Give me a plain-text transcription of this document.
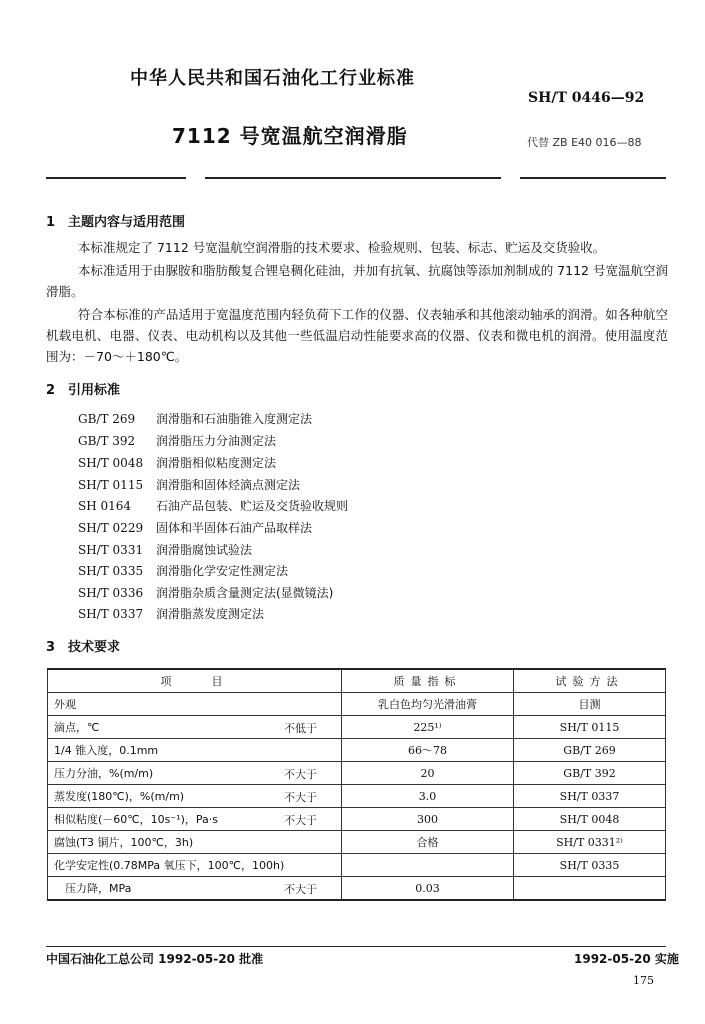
中华人民共和国石油化工行业标准
SH/T 0446—92
7112 号宽温航空润滑脂	代替 ZB E40 016—88
1 主题内容与适用范围
本标准规定了 7112 号宽温航空润滑脂的技术要求、检验规则、包装、标志、贮运及交货验收。
本标准适用于由脲胺和脂肪酸复合锂皂稠化硅油，并加有抗氧、抗腐蚀等添加剂制成的 7112 号宽温航空润滑脂。
符合本标准的产品适用于宽温度范围内轻负荷下工作的仪器、仪表轴承和其他滚动轴承的润滑。如各种航空机载电机、电器、仪表、电动机构以及其他一些低温启动性能要求高的仪器、仪表和微电机的润滑。使用温度范围为：－70～＋180℃。
2 引用标准
GB/T 269 润滑脂和石油脂锥入度测定法
GB/T 392 润滑脂压力分油测定法
SH/T 0048 润滑脂相似粘度测定法
SH/T 0115 润滑脂和固体烃滴点测定法
SH 0164 石油产品包装、贮运及交货验收规则
SH/T 0229 固体和半固体石油产品取样法
SH/T 0331 润滑脂腐蚀试验法
SH/T 0335 润滑脂化学安定性测定法
SH/T 0336 润滑脂杂质含量测定法(显微镜法)
SH/T 0337 润滑脂蒸发度测定法
3 技术要求
项　　目	质量指标	试验方法
外观	乳白色均匀光滑油膏	目测
滴点，℃ 不低于	225¹⁾	SH/T 0115
1/4 锥入度，0.1mm	66～78	GB/T 269
压力分油，%(m/m) 不大于	20	GB/T 392
蒸发度(180℃)，%(m/m) 不大于	3.0	SH/T 0337
相似粘度(－60℃，10s⁻¹)，Pa·s 不大于	300	SH/T 0048
腐蚀(T3 铜片，100℃，3h)	合格	SH/T 0331²⁾
化学安定性(0.78MPa 氧压下，100℃，100h)		SH/T 0335
　压力降，MPa 不大于	0.03	
中国石油化工总公司 1992-05-20 批准	1992-05-20 实施
175
